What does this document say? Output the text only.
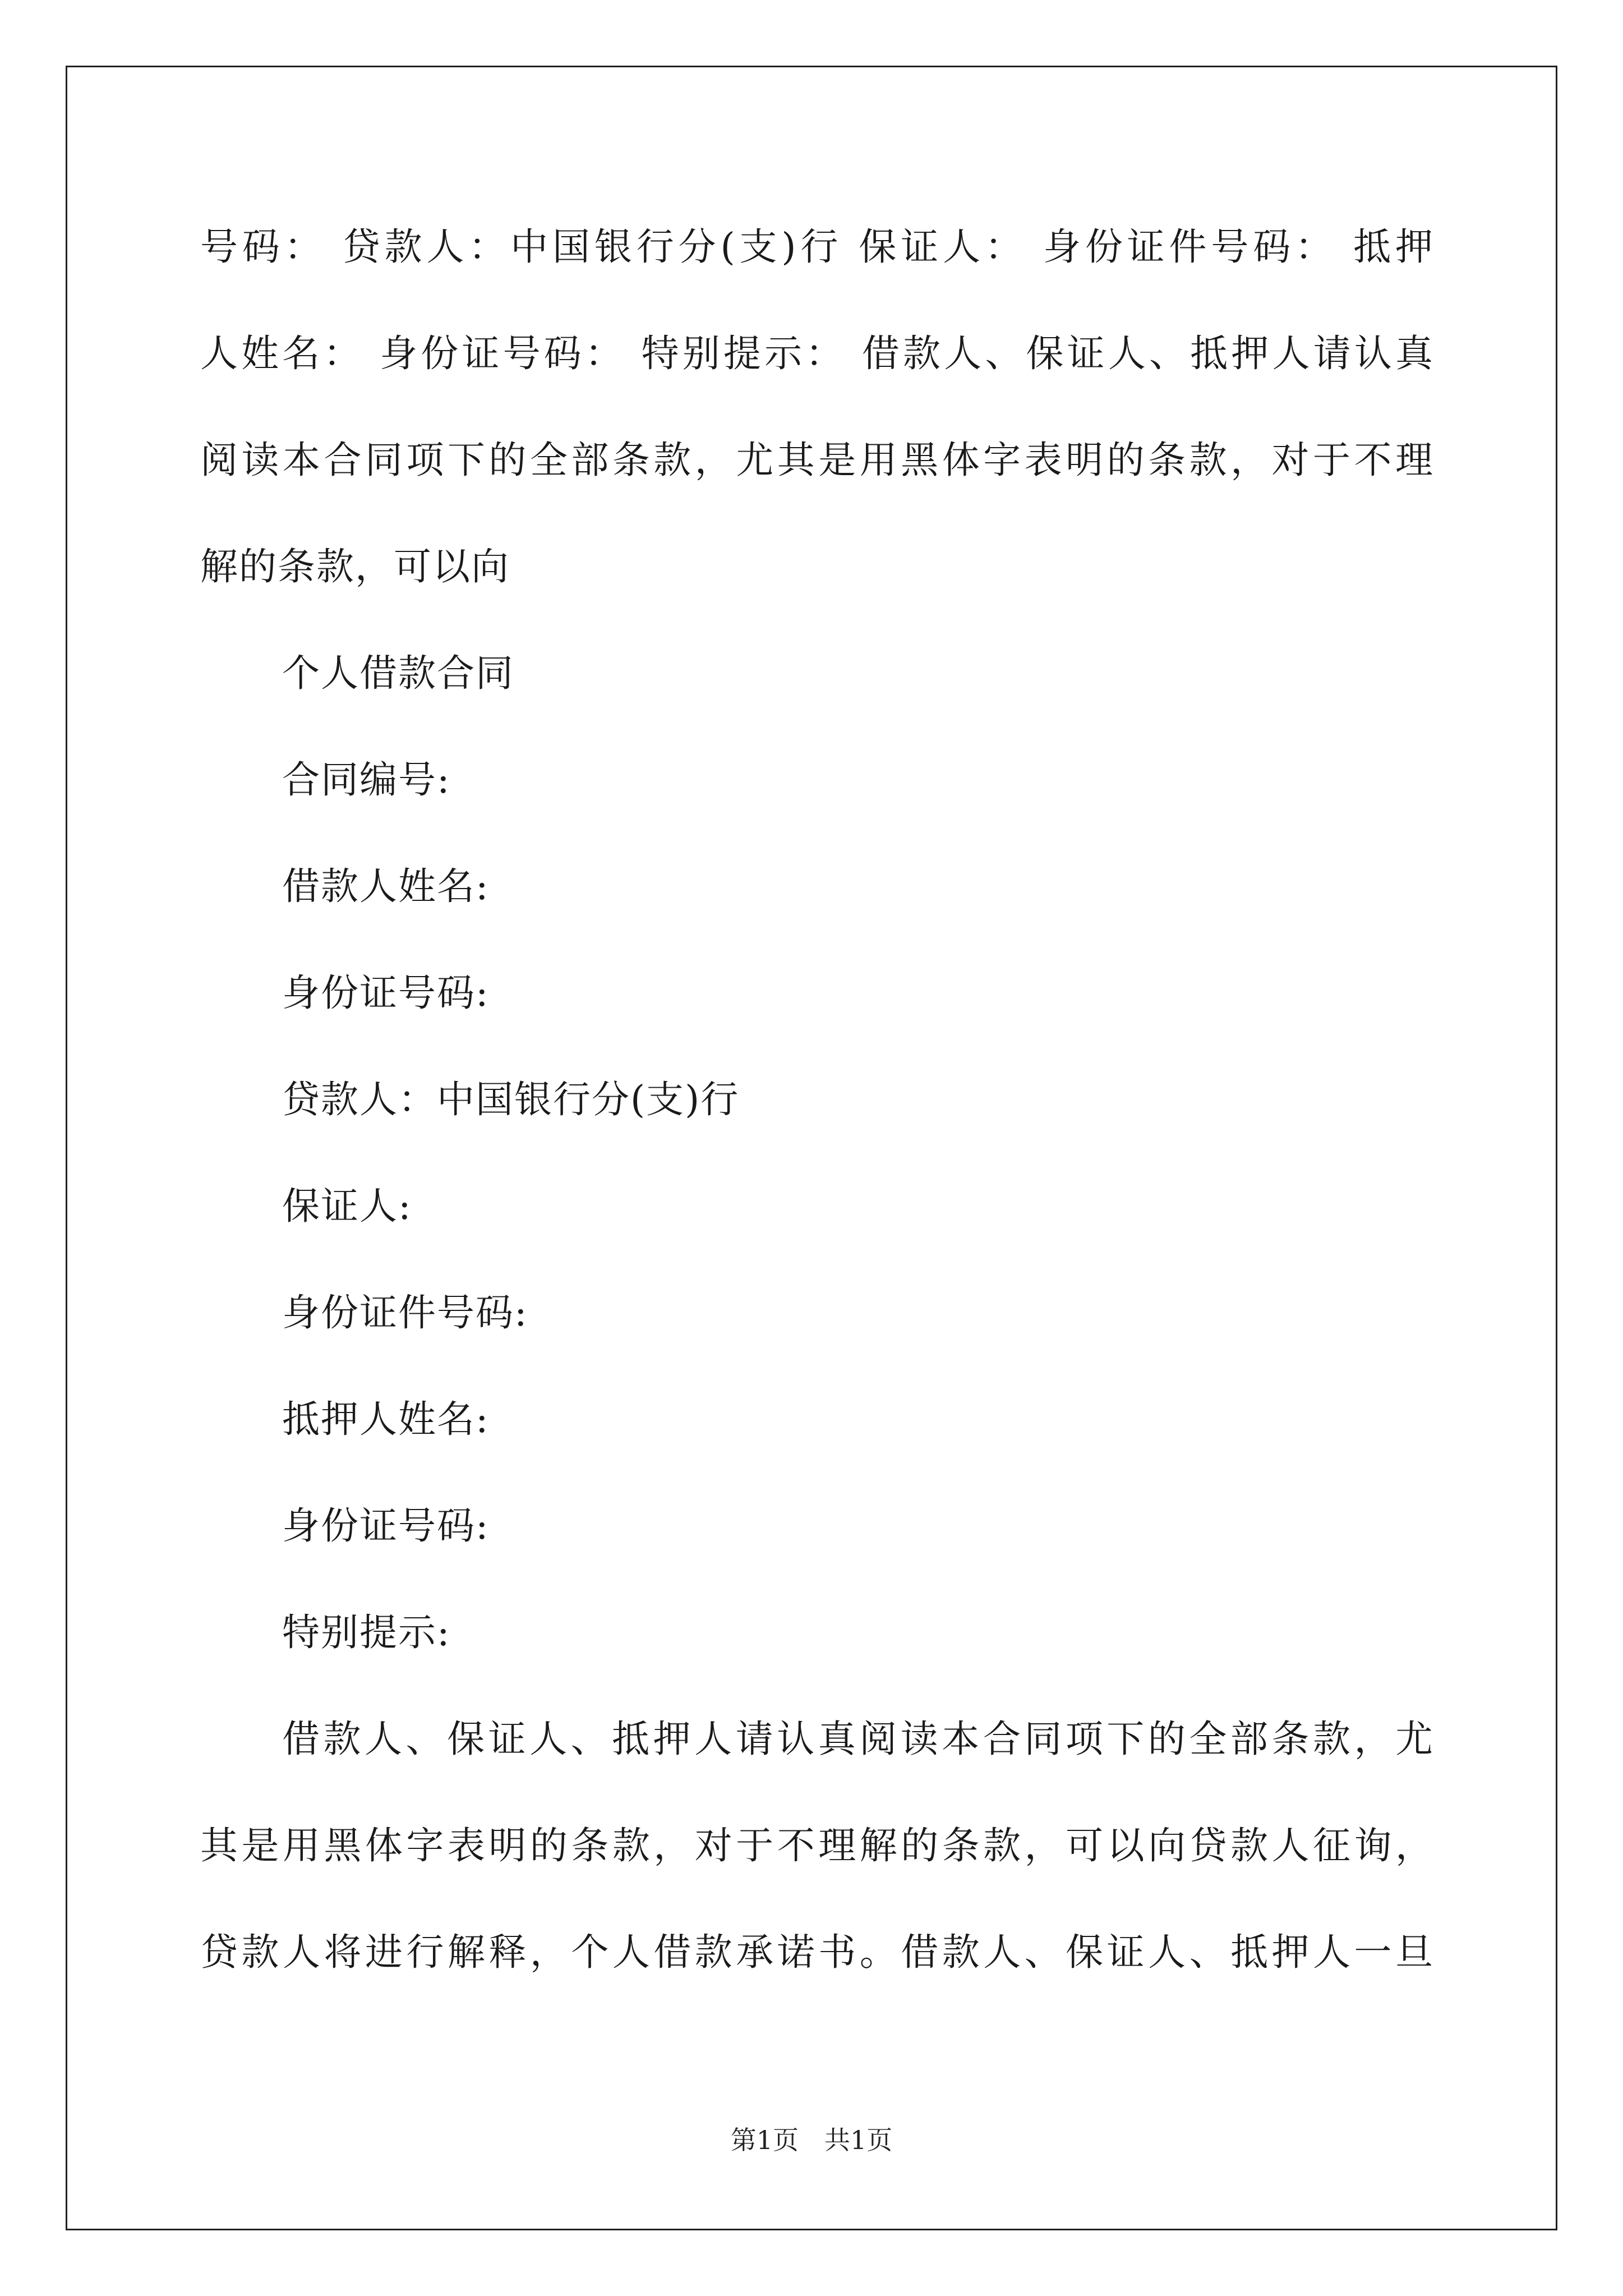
号码： 贷款人：中国银行分(支)行 保证人： 身份证件号码： 抵押
人姓名： 身份证号码： 特别提示： 借款人、保证人、抵押人请认真
阅读本合同项下的全部条款，尤其是用黑体字表明的条款，对于不理
解的条款，可以向
个人借款合同
合同编号:
借款人姓名:
身份证号码:
贷款人：中国银行分(支)行
保证人:
身份证件号码:
抵押人姓名:
身份证号码:
特别提示:
借款人、保证人、抵押人请认真阅读本合同项下的全部条款，尤
其是用黑体字表明的条款，对于不理解的条款，可以向贷款人征询，
贷款人将进行解释，个人借款承诺书。借款人、保证人、抵押人一旦
第1页　共1页
